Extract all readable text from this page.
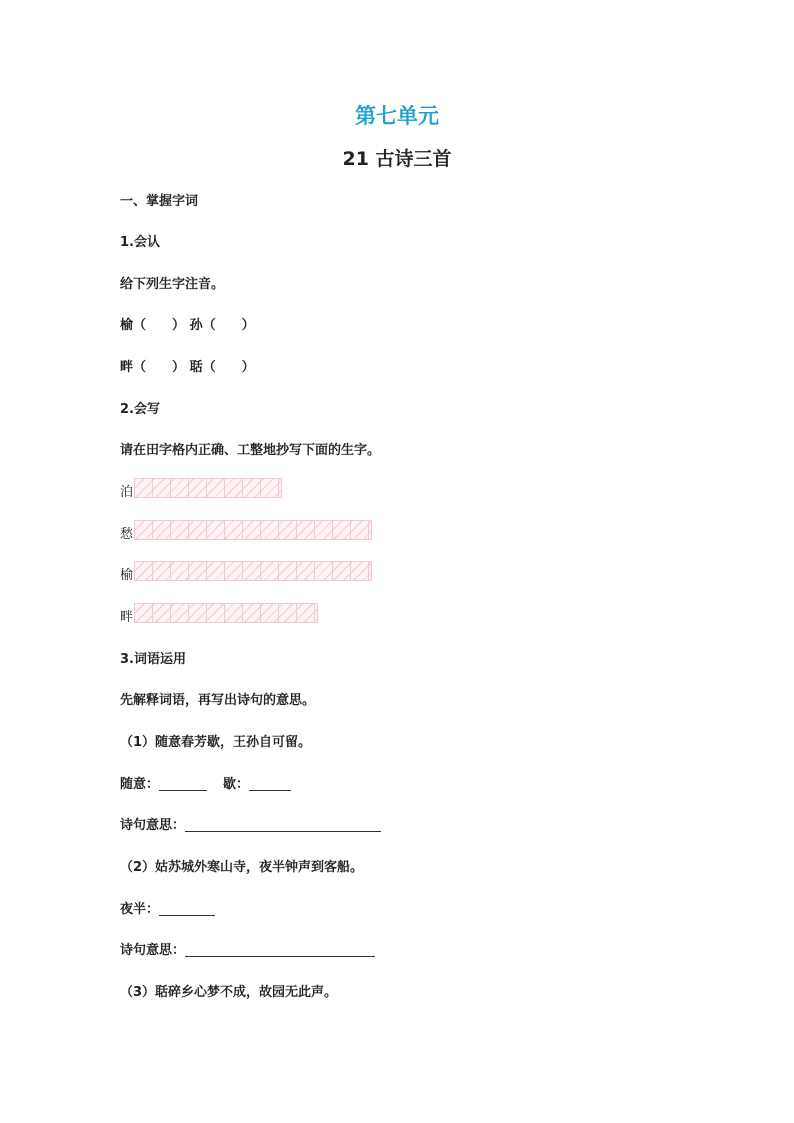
第七单元
21 古诗三首
一、掌握字词
1.会认
给下列生字注音。
榆（　　） 孙（　　）
畔（　　） 聒（　　）
2.会写
请在田字格内正确、工整地抄写下面的生字。
泊
愁
榆
畔
3.词语运用
先解释词语，再写出诗句的意思。
（1）随意春芳歇，王孙自可留。
随意：	歇：
诗句意思：
（2）姑苏城外寒山寺，夜半钟声到客船。
夜半：
诗句意思：
（3）聒碎乡心梦不成，故园无此声。
